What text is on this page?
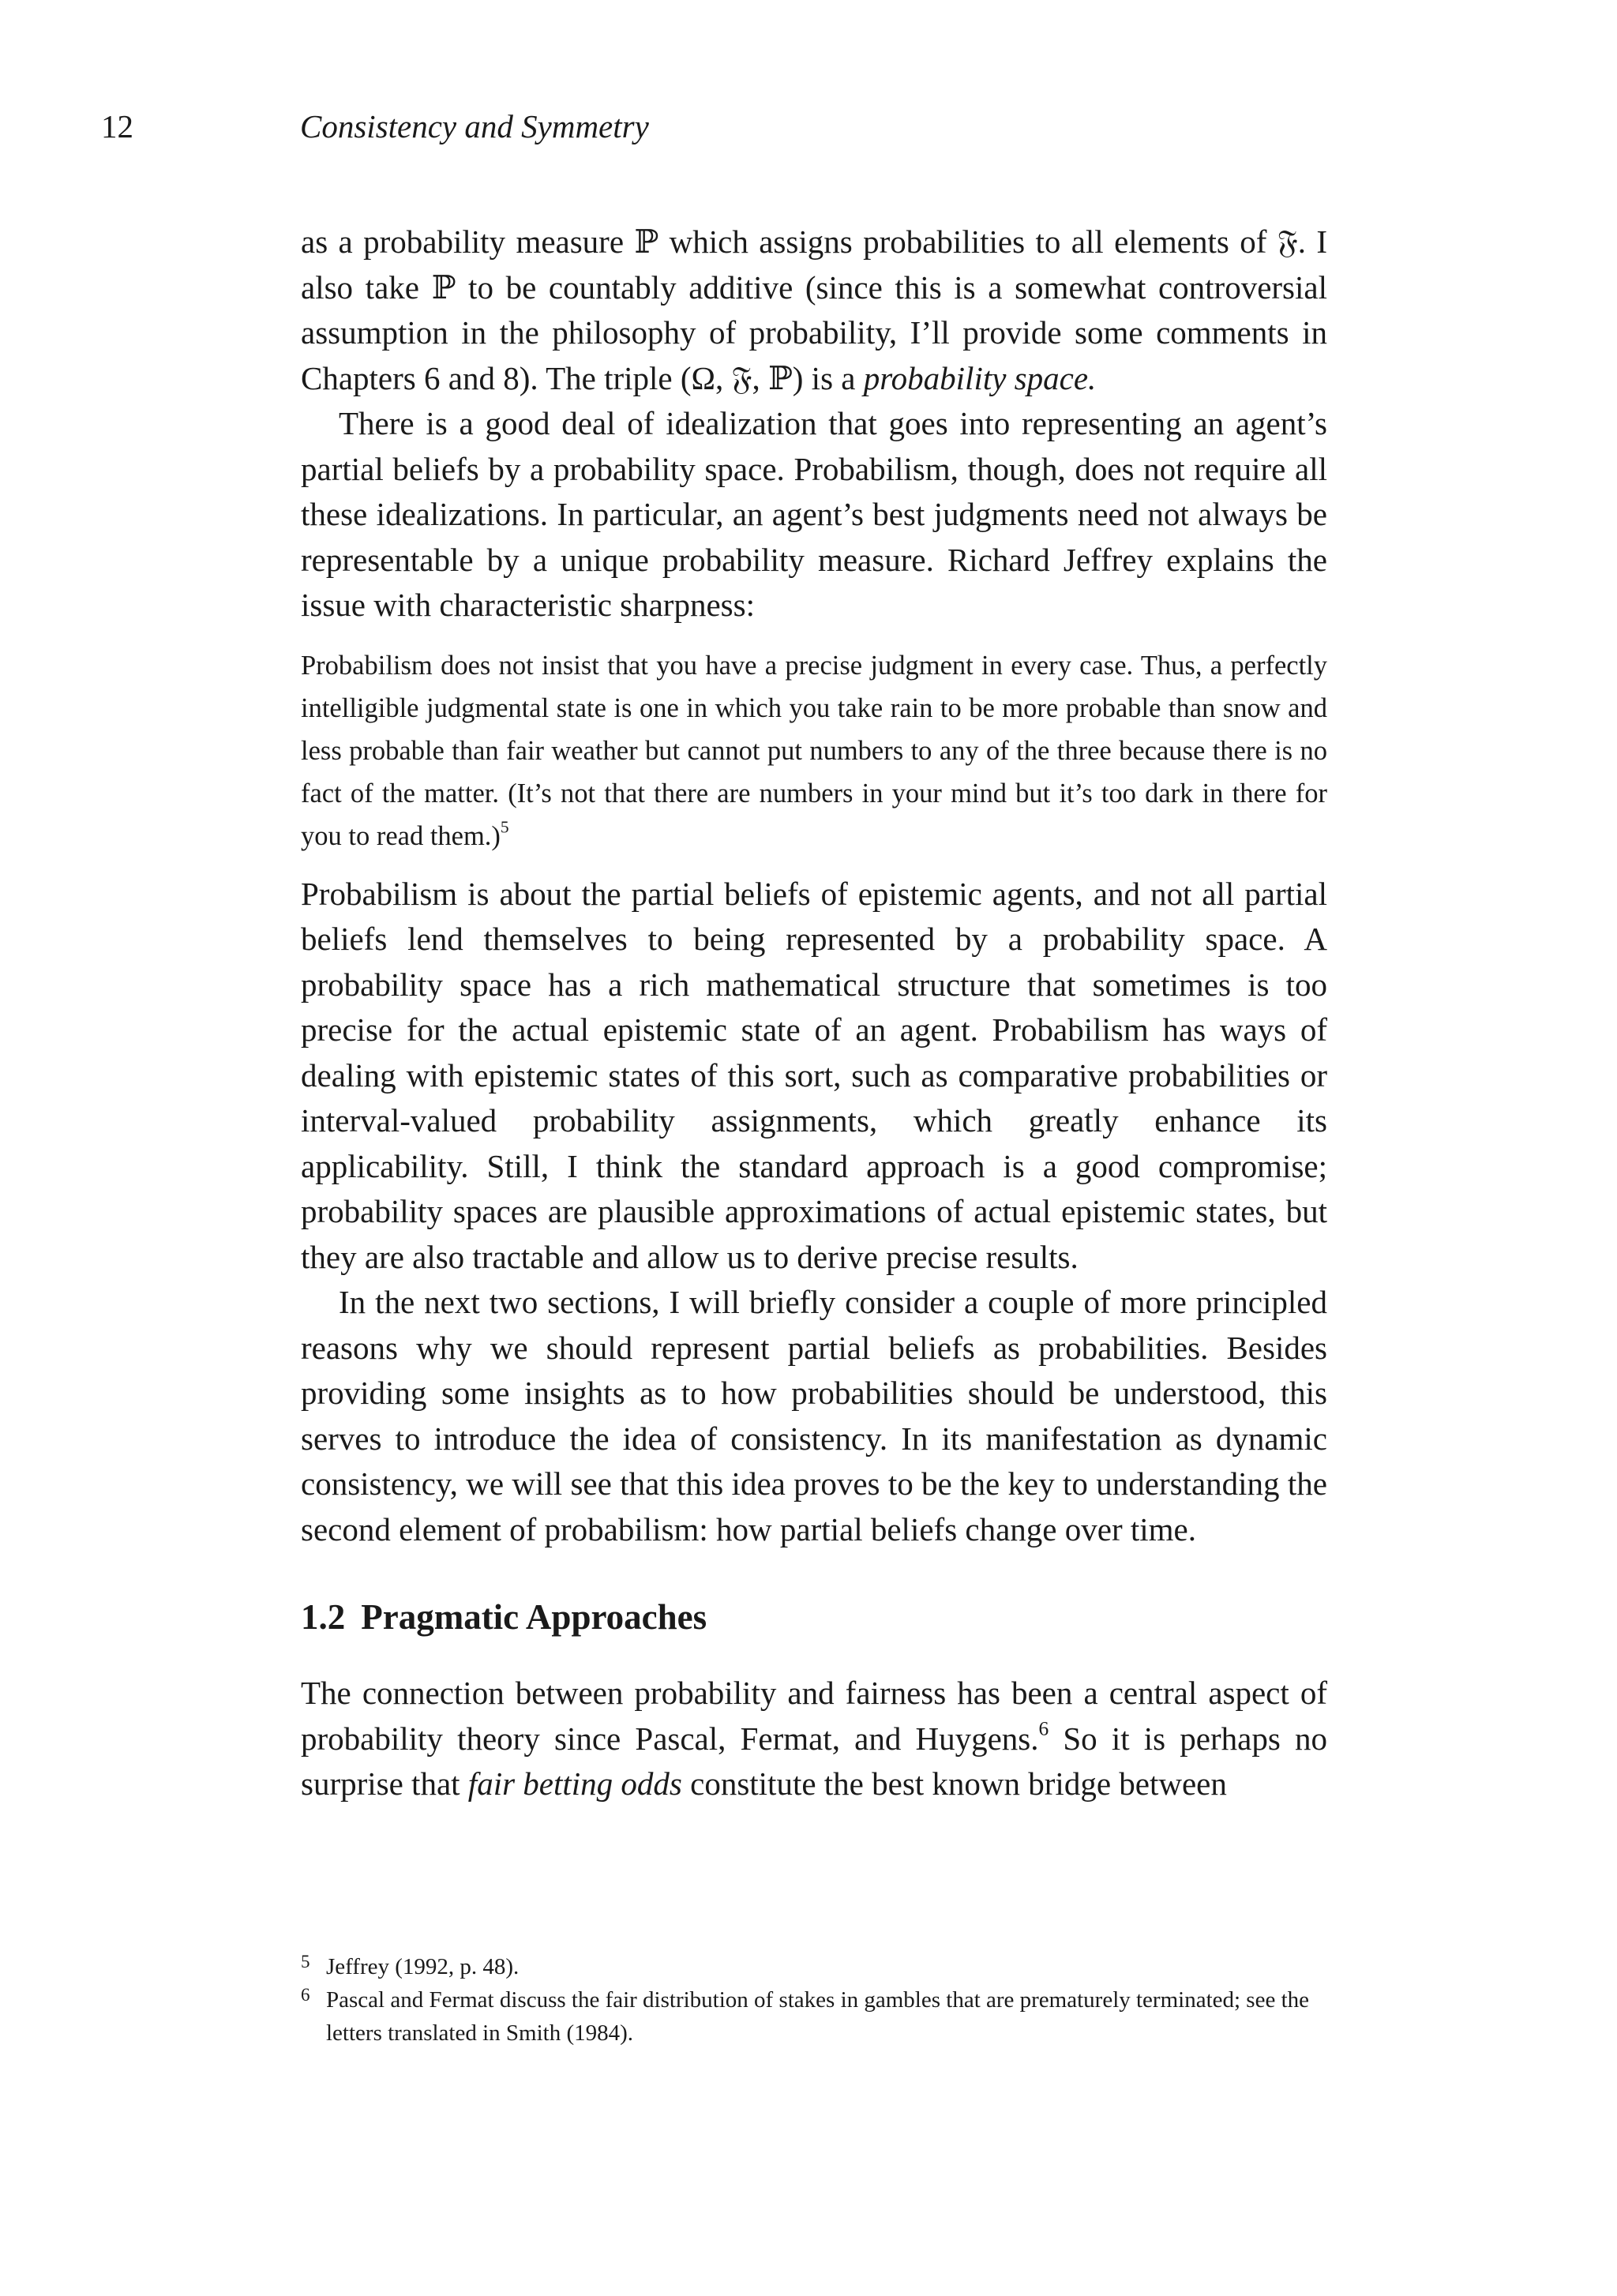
12	Consistency and Symmetry

as a probability measure ℙ which assigns probabilities to all elements of 𝔉. I also take ℙ to be countably additive (since this is a somewhat controversial assumption in the philosophy of probability, I’ll provide some comments in Chapters 6 and 8). The triple (Ω, 𝔉, ℙ) is a probability space.

There is a good deal of idealization that goes into representing an agent’s partial beliefs by a probability space. Probabilism, though, does not require all these idealizations. In particular, an agent’s best judgments need not always be representable by a unique probability measure. Richard Jeffrey explains the issue with characteristic sharpness:

Probabilism does not insist that you have a precise judgment in every case. Thus, a perfectly intelligible judgmental state is one in which you take rain to be more probable than snow and less probable than fair weather but cannot put numbers to any of the three because there is no fact of the matter. (It’s not that there are numbers in your mind but it’s too dark in there for you to read them.)$^5$

Probabilism is about the partial beliefs of epistemic agents, and not all partial beliefs lend themselves to being represented by a probability space. A probability space has a rich mathematical structure that sometimes is too precise for the actual epistemic state of an agent. Probabilism has ways of dealing with epistemic states of this sort, such as comparative probabilities or interval-valued probability assignments, which greatly enhance its applicability. Still, I think the standard approach is a good compromise; probability spaces are plausible approximations of actual epistemic states, but they are also tractable and allow us to derive precise results.

In the next two sections, I will briefly consider a couple of more principled reasons why we should represent partial beliefs as probabilities. Besides providing some insights as to how probabilities should be understood, this serves to introduce the idea of consistency. In its manifestation as dynamic consistency, we will see that this idea proves to be the key to understanding the second element of probabilism: how partial beliefs change over time.

1.2 Pragmatic Approaches

The connection between probability and fairness has been a central aspect of probability theory since Pascal, Fermat, and Huygens.$^6$ So it is perhaps no surprise that fair betting odds constitute the best known bridge between

5 Jeffrey (1992, p. 48).
6 Pascal and Fermat discuss the fair distribution of stakes in gambles that are prematurely terminated; see the letters translated in Smith (1984).
